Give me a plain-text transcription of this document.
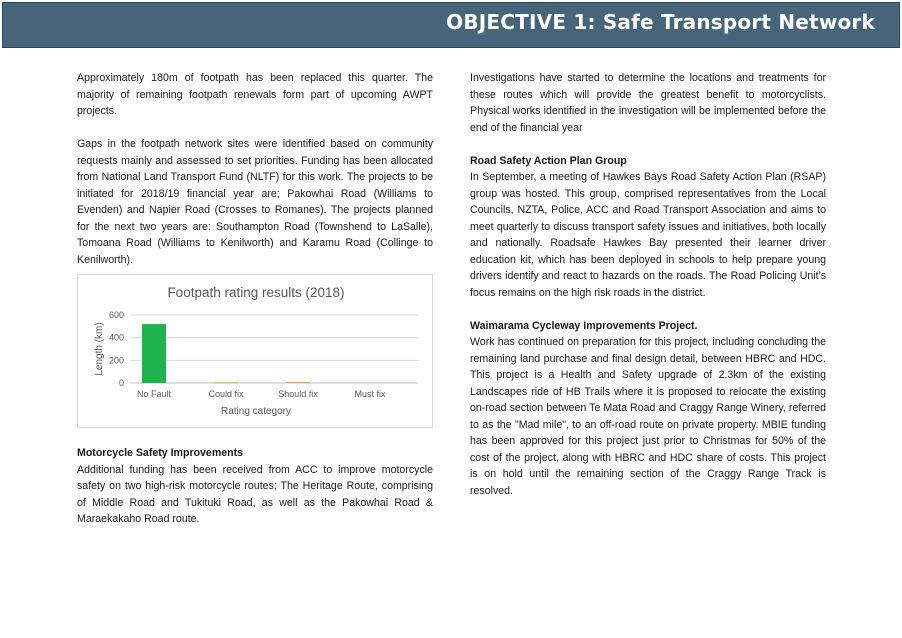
OBJECTIVE 1: Safe Transport Network

Approximately 180m of footpath has been replaced this quarter. The majority of remaining footpath renewals form part of upcoming AWPT projects.

Gaps in the footpath network sites were identified based on community requests mainly and assessed to set priorities. Funding has been allocated from National Land Transport Fund (NLTF) for this work. The projects to be initiated for 2018/19 financial year are; Pakowhai Road (Williams to Evenden) and Napier Road (Crosses to Romanes). The projects planned for the next two years are: Southampton Road (Townshend to LaSalle), Tomoana Road (Williams to Kenilworth) and Karamu Road (Collinge to Kenilworth).

Footpath rating results (2018)
Length (km)
Rating category
0
200
400
600
No Fault	Could fix	Should fix	Must fix
Motorcycle Safety Improvements

Additional funding has been received from ACC to improve motorcycle safety on two high-risk motorcycle routes; The Heritage Route, comprising of Middle Road and Tukituki Road, as well as the Pakowhai Road & Maraekakaho Road route.

Investigations have started to determine the locations and treatments for these routes which will provide the greatest benefit to motorcyclists. Physical works identified in the investigation will be implemented before the end of the financial year

Road Safety Action Plan Group

In September, a meeting of Hawkes Bays Road Safety Action Plan (RSAP) group was hosted. This group, comprised representatives from the Local Councils, NZTA, Police, ACC and Road Transport Association and aims to meet quarterly to discuss transport safety issues and initiatives, both locally and nationally. Roadsafe Hawkes Bay presented their learner driver education kit, which has been deployed in schools to help prepare young drivers identify and react to hazards on the roads. The Road Policing Unit’s focus remains on the high risk roads in the district.

Waimarama Cycleway Improvements Project.

Work has continued on preparation for this project, including concluding the remaining land purchase and final design detail, between HBRC and HDC. This project is a Health and Safety upgrade of 2.3km of the existing Landscapes ride of HB Trails where it is proposed to relocate the existing on-road section between Te Mata Road and Craggy Range Winery, referred to as the "Mad mile", to an off-road route on private property. MBIE funding has been approved for this project just prior to Christmas for 50% of the cost of the project, along with HBRC and HDC share of costs. This project is on hold until the remaining section of the Craggy Range Track is resolved.
